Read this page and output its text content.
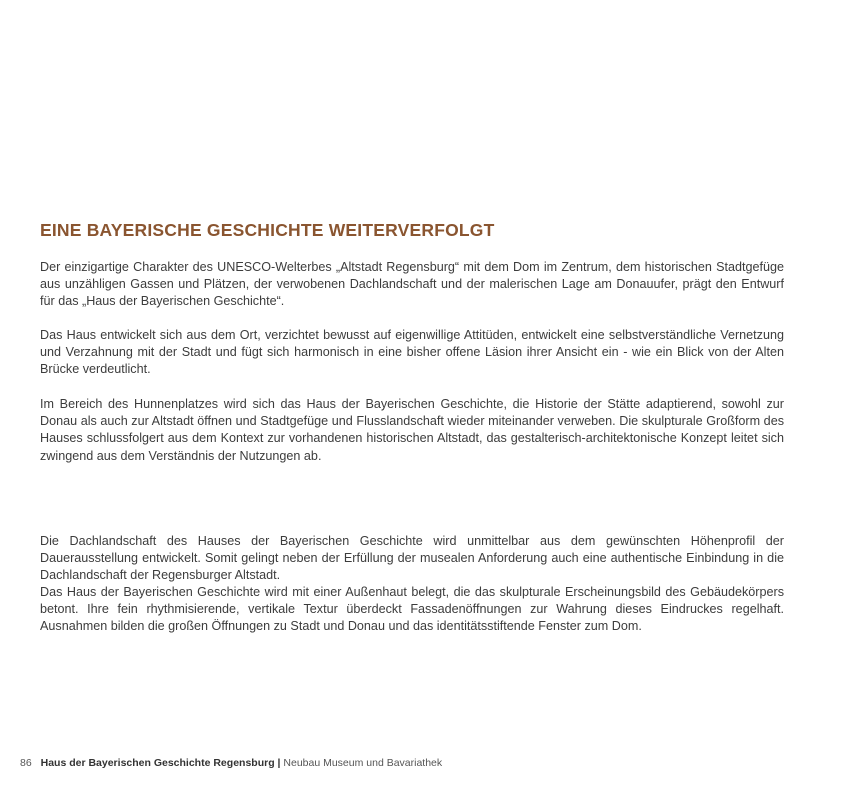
EINE BAYERISCHE GESCHICHTE WEITERVERFOLGT

Der einzigartige Charakter des UNESCO-Welterbes „Altstadt Regensburg“ mit dem Dom im Zentrum, dem historischen Stadtgefüge aus unzähligen Gassen und Plätzen, der verwobenen Dachlandschaft und der malerischen Lage am Donauufer, prägt den Entwurf für das „Haus der Bayerischen Geschichte“.

Das Haus entwickelt sich aus dem Ort, verzichtet bewusst auf eigenwillige Attitüden, entwickelt eine selbstverständliche Vernetzung und Verzahnung mit der Stadt und fügt sich harmonisch in eine bisher offene Läsion ihrer Ansicht ein - wie ein Blick von der Alten Brücke verdeutlicht.

Im Bereich des Hunnenplatzes wird sich das Haus der Bayerischen Geschichte, die Historie der Stätte adaptierend, sowohl zur Donau als auch zur Altstadt öffnen und Stadtgefüge und Flusslandschaft wieder miteinander verweben. Die skulpturale Großform des Hauses schlussfolgert aus dem Kontext zur vorhandenen historischen Altstadt, das gestalterisch-architektonische Konzept leitet sich zwingend aus dem Verständnis der Nutzungen ab.

Die Dachlandschaft des Hauses der Bayerischen Geschichte wird unmittelbar aus dem gewünschten Höhenprofil der Dauerausstellung entwickelt. Somit gelingt neben der Erfüllung der musealen Anforderung auch eine authentische Einbindung in die Dachlandschaft der Regensburger Altstadt.

Das Haus der Bayerischen Geschichte wird mit einer Außenhaut belegt, die das skulpturale Erscheinungsbild des Gebäudekörpers betont. Ihre fein rhythmisierende, vertikale Textur überdeckt Fassadenöffnungen zur Wahrung dieses Eindruckes regelhaft. Ausnahmen bilden die großen Öffnungen zu Stadt und Donau und das identitätsstiftende Fenster zum Dom.

86 Haus der Bayerischen Geschichte Regensburg | Neubau Museum und Bavariathek
